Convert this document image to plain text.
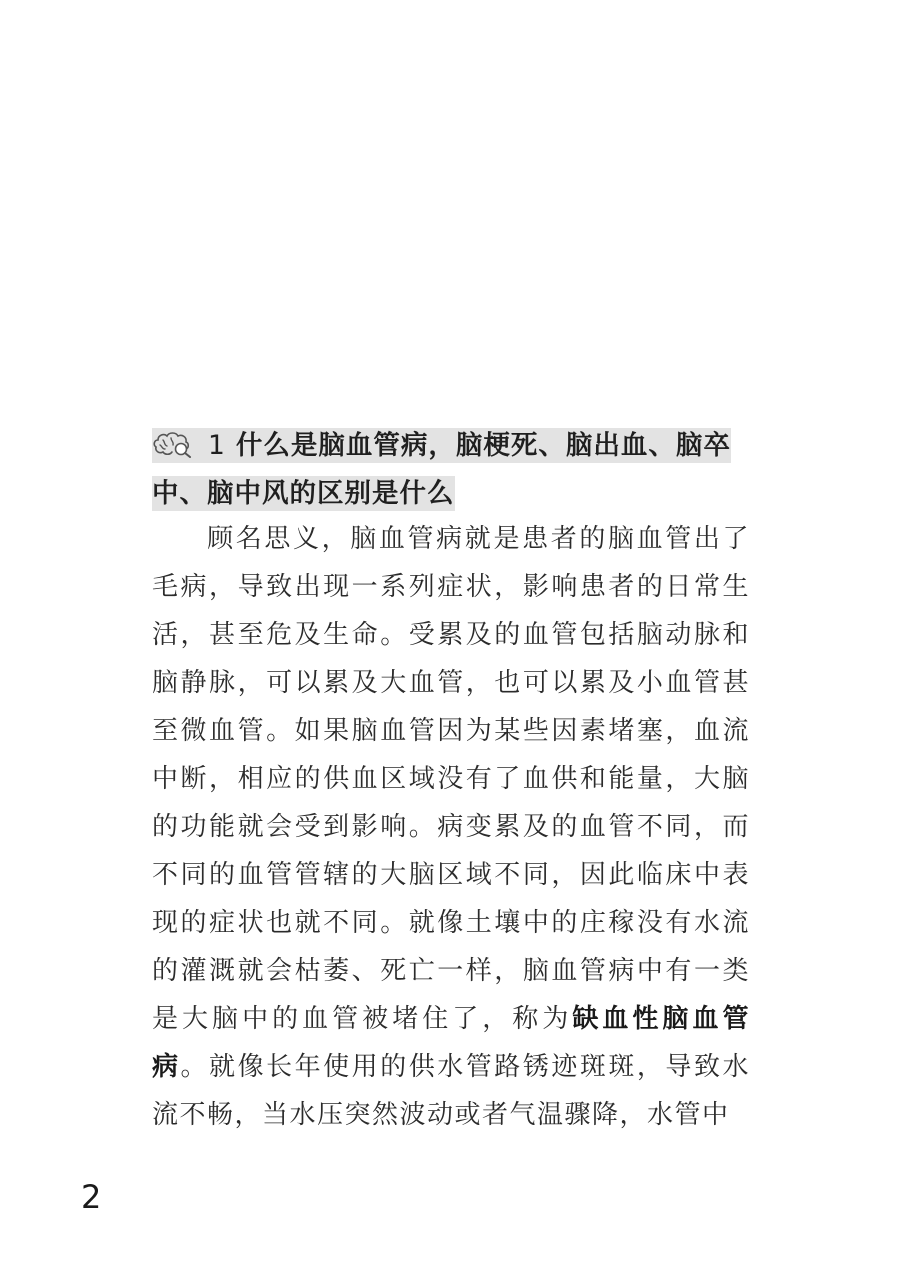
1 什么是脑血管病，脑梗死、脑出血、脑卒中、脑中风的区别是什么
顾名思义，脑血管病就是患者的脑血管出了毛病，导致出现一系列症状，影响患者的日常生活，甚至危及生命。受累及的血管包括脑动脉和脑静脉，可以累及大血管，也可以累及小血管甚至微血管。如果脑血管因为某些因素堵塞，血流中断，相应的供血区域没有了血供和能量，大脑的功能就会受到影响。病变累及的血管不同，而不同的血管管辖的大脑区域不同，因此临床中表现的症状也就不同。就像土壤中的庄稼没有水流的灌溉就会枯萎、死亡一样，脑血管病中有一类是大脑中的血管被堵住了，称为缺血性脑血管病。就像长年使用的供水管路锈迹斑斑，导致水流不畅，当水压突然波动或者气温骤降，水管中
2
